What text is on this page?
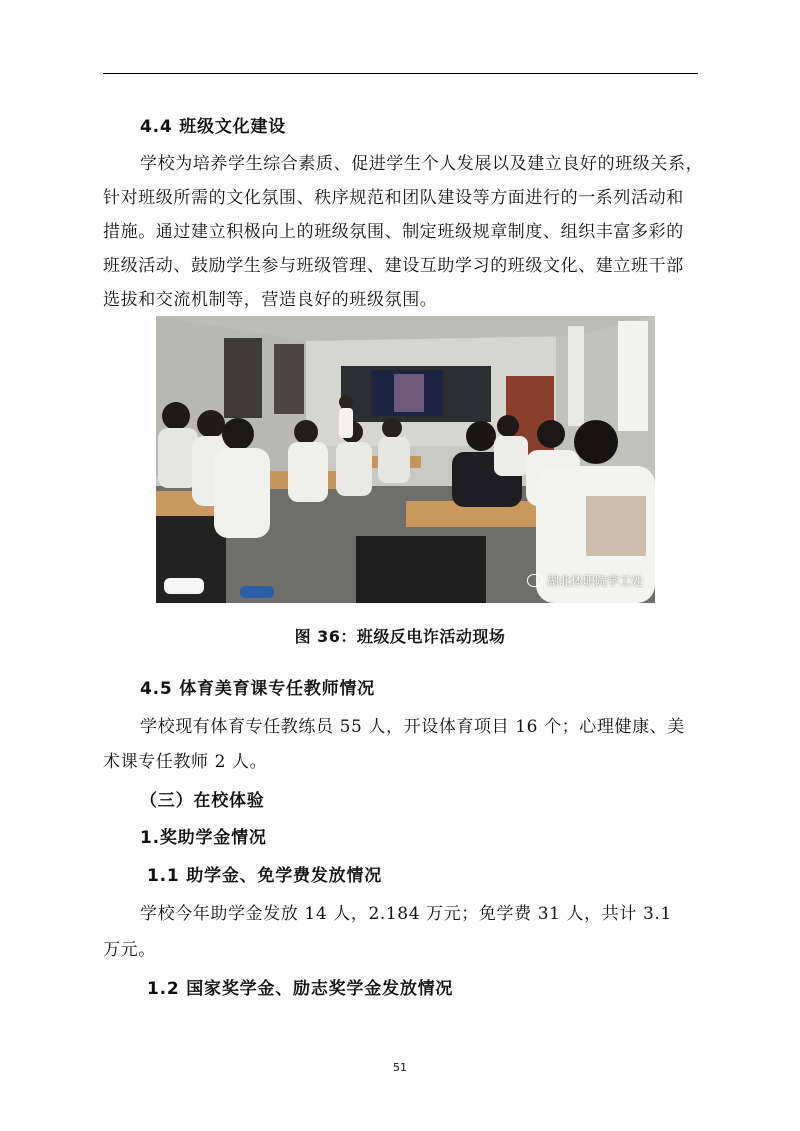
4.4 班级文化建设
学校为培养学生综合素质、促进学生个人发展以及建立良好的班级关系，
针对班级所需的文化氛围、秩序规范和团队建设等方面进行的一系列活动和
措施。通过建立积极向上的班级氛围、制定班级规章制度、组织丰富多彩的
班级活动、鼓励学生参与班级管理、建设互助学习的班级文化、建立班干部
选拔和交流机制等，营造良好的班级氛围。
湖北体职院学工处
图 36：班级反电诈活动现场
4.5 体育美育课专任教师情况
学校现有体育专任教练员 55 人，开设体育项目 16 个；心理健康、美
术课专任教师 2 人。
（三）在校体验
1.奖助学金情况
1.1 助学金、免学费发放情况
学校今年助学金发放 14 人，2.184 万元；免学费 31 人，共计 3.1
万元。
1.2 国家奖学金、励志奖学金发放情况
51
